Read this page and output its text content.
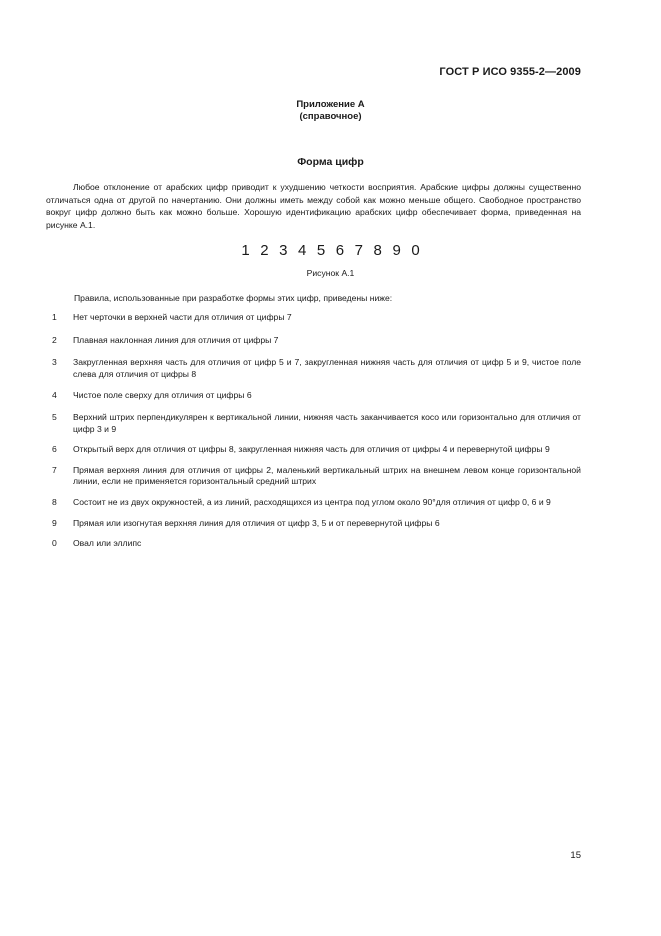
ГОСТ Р ИСО 9355-2—2009
Приложение А
(справочное)
Форма цифр

Любое отклонение от арабских цифр приводит к ухудшению четкости восприятия. Арабские цифры должны существенно отличаться одна от другой по начертанию. Они должны иметь между собой как можно меньше общего. Свободное пространство вокруг цифр должно быть как можно больше. Хорошую идентификацию арабских цифр обеспечивает форма, приведенная на рисунке А.1.

1 2 3 4 5 6 7 8 9 0
Рисунок А.1

Правила, использованные при разработке формы этих цифр, приведены ниже:

1	Нет черточки в верхней части для отличия от цифры 7
2	Плавная наклонная линия для отличия от цифры 7
3	Закругленная верхняя часть для отличия от цифр 5 и 7, закругленная нижняя часть для отличия от цифр 5 и 9, чистое поле слева для отличия от цифры 8
4	Чистое поле сверху для отличия от цифры 6
5	Верхний штрих перпендикулярен к вертикальной линии, нижняя часть заканчивается косо или горизонтально для отличия от цифр 3 и 9
6	Открытый верх для отличия от цифры 8, закругленная нижняя часть для отличия от цифры 4 и перевернутой цифры 9
7	Прямая верхняя линия для отличия от цифры 2, маленький вертикальный штрих на внешнем левом конце горизонтальной линии, если не применяется горизонтальный средний штрих
8	Состоит не из двух окружностей, а из линий, расходящихся из центра под углом около 90°для отличия от цифр 0, 6 и 9
9	Прямая или изогнутая верхняя линия для отличия от цифр 3, 5 и от перевернутой цифры 6
0	Овал или эллипс
15
